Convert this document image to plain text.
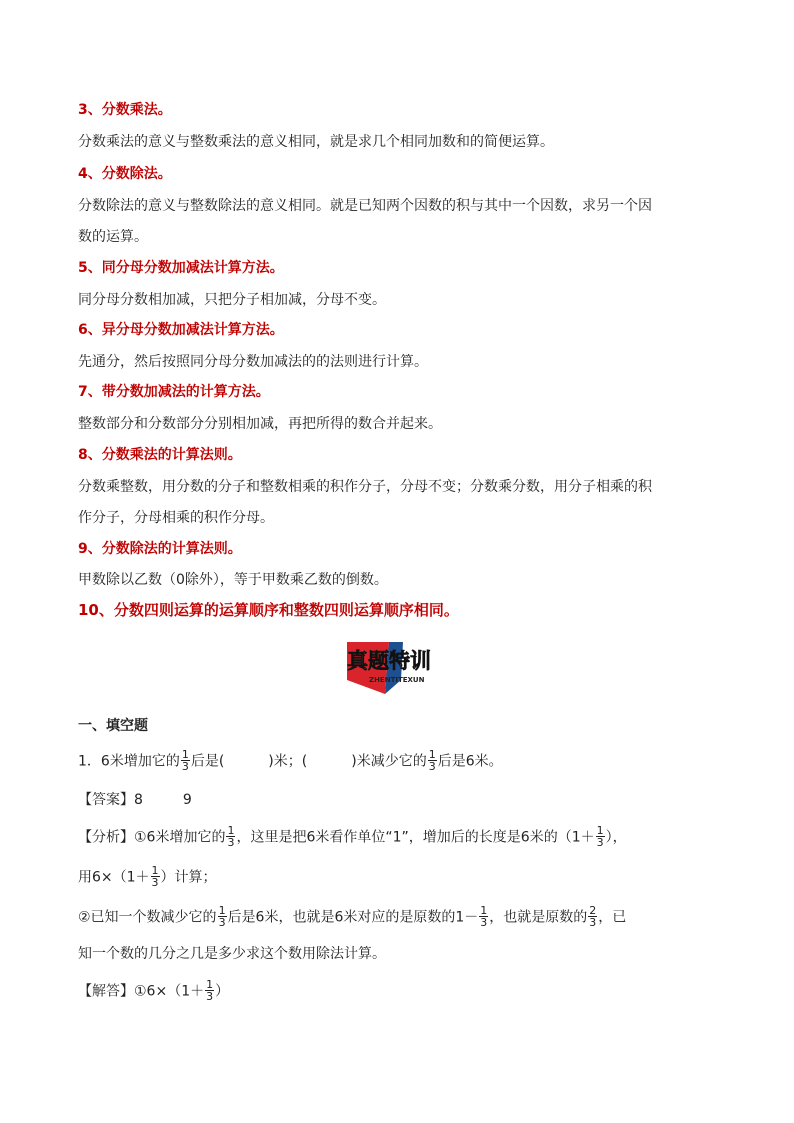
3、分数乘法。
分数乘法的意义与整数乘法的意义相同，就是求几个相同加数和的简便运算。
4、分数除法。
分数除法的意义与整数除法的意义相同。就是已知两个因数的积与其中一个因数，求另一个因
数的运算。
5、同分母分数加减法计算方法。
同分母分数相加减，只把分子相加减，分母不变。
6、异分母分数加减法计算方法。
先通分，然后按照同分母分数加减法的的法则进行计算。
7、带分数加减法的计算方法。
整数部分和分数部分分别相加减，再把所得的数合并起来。
8、分数乘法的计算法则。
分数乘整数，用分数的分子和整数相乘的积作分子，分母不变；分数乘分数，用分子相乘的积
作分子，分母相乘的积作分母。
9、分数除法的计算法则。
甲数除以乙数（0除外），等于甲数乘乙数的倒数。
10、分数四则运算的运算顺序和整数四则运算顺序相同。
真题特训
ZHENTITEXUN
一、填空题
1．6米增加它的 $\frac{1}{3}$ 后是(	)米；(	)米减少它的 $\frac{1}{3}$ 后是6米。
【答案】8	9
【分析】①6米增加它的 $\frac{1}{3}$ ，这里是把6米看作单位“1”，增加后的长度是6米的（$1+ \frac{1}{3}$ ），
用$6\times(1+ \frac{1}{3}$ ）计算；
②已知一个数减少它的 $\frac{1}{3}$ 后是6米，也就是6米对应的是原数的$1- \frac{1}{3}$ ，也就是原数的 $\frac{2}{3}$ ，已
知一个数的几分之几是多少求这个数用除法计算。
【解答】①6×（1＋ $\frac{1}{3}$ ）
